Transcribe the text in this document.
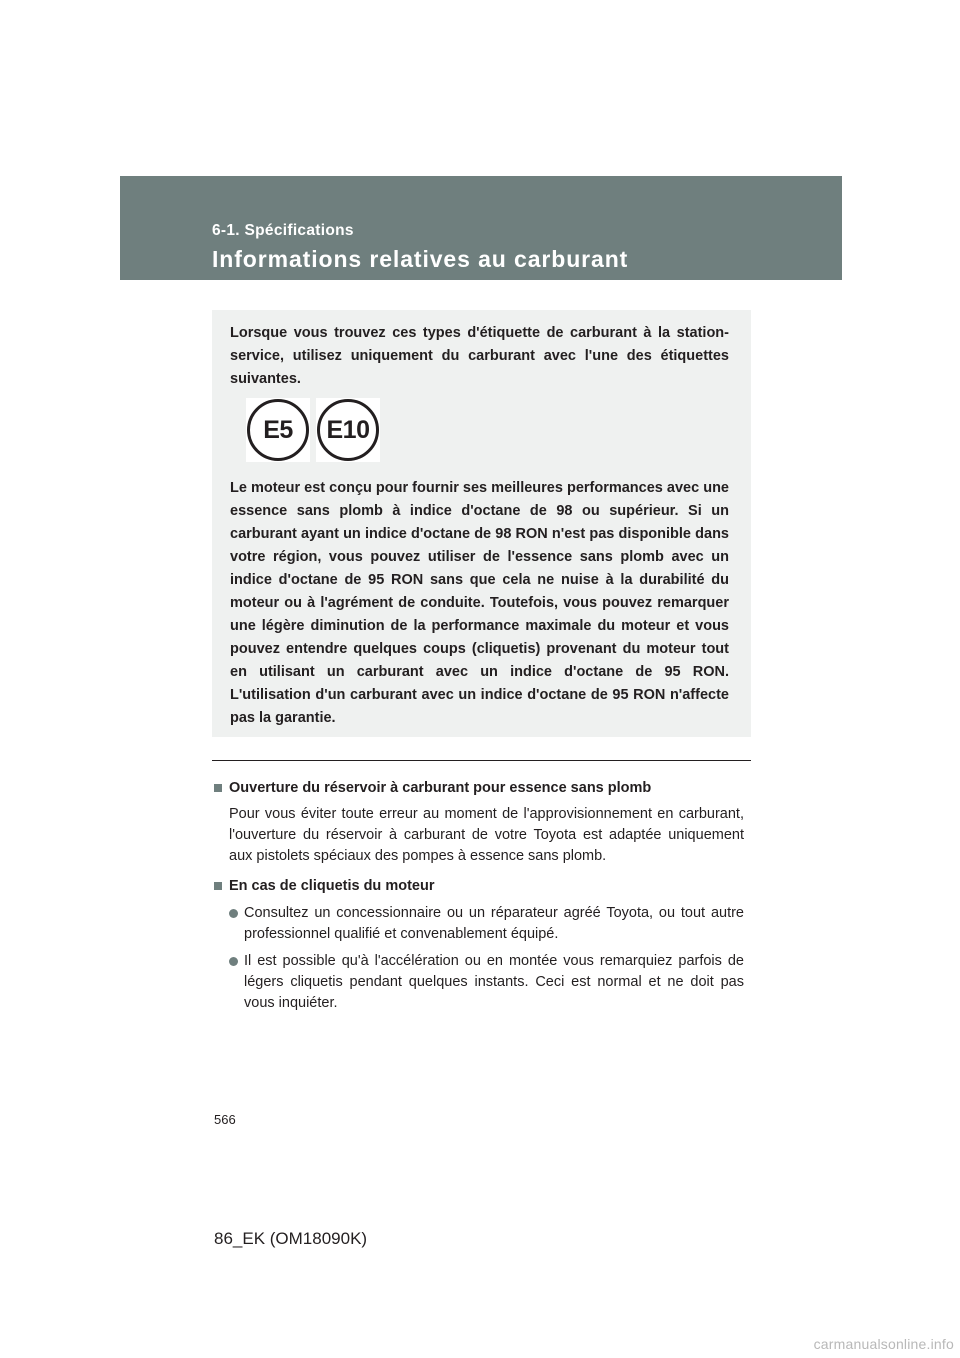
6-1. Spécifications

Informations relatives au carburant

Lorsque vous trouvez ces types d'étiquette de carburant à la station-service, utilisez uniquement du carburant avec l'une des étiquettes suivantes.

E5 E10

Le moteur est conçu pour fournir ses meilleures performances avec une essence sans plomb à indice d'octane de 98 ou supérieur. Si un carburant ayant un indice d'octane de 98 RON n'est pas disponible dans votre région, vous pouvez utiliser de l'essence sans plomb avec un indice d'octane de 95 RON sans que cela ne nuise à la durabilité du moteur ou à l'agrément de conduite. Toutefois, vous pouvez remarquer une légère diminution de la performance maximale du moteur et vous pouvez entendre quelques coups (cliquetis) provenant du moteur tout en utilisant un carburant avec un indice d'octane de 95 RON. L'utilisation d'un carburant avec un indice d'octane de 95 RON n'affecte pas la garantie.

Ouverture du réservoir à carburant pour essence sans plomb
Pour vous éviter toute erreur au moment de l'approvisionnement en carburant, l'ouverture du réservoir à carburant de votre Toyota est adaptée uniquement aux pistolets spéciaux des pompes à essence sans plomb.
En cas de cliquetis du moteur
Consultez un concessionnaire ou un réparateur agréé Toyota, ou tout autre professionnel qualifié et convenablement équipé.
Il est possible qu'à l'accélération ou en montée vous remarquiez parfois de légers cliquetis pendant quelques instants. Ceci est normal et ne doit pas vous inquiéter.

566

86_EK (OM18090K)

carmanualsonline.info
